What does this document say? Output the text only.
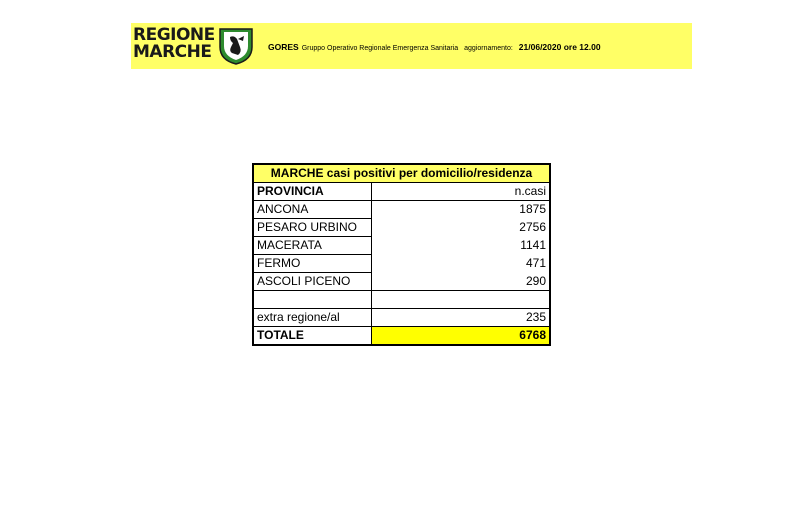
REGIONE
MARCHE	GORES Gruppo Operativo Regionale Emergenza Sanitaria aggiornamento: 21/06/2020 ore 12.00
MARCHE casi positivi per domicilio/residenza	
PROVINCIA	n.casi
ANCONA	1875
PESARO URBINO	2756
MACERATA	1141
FERMO	471
ASCOLI PICENO	290

extra regione/al	235
TOTALE	6768
